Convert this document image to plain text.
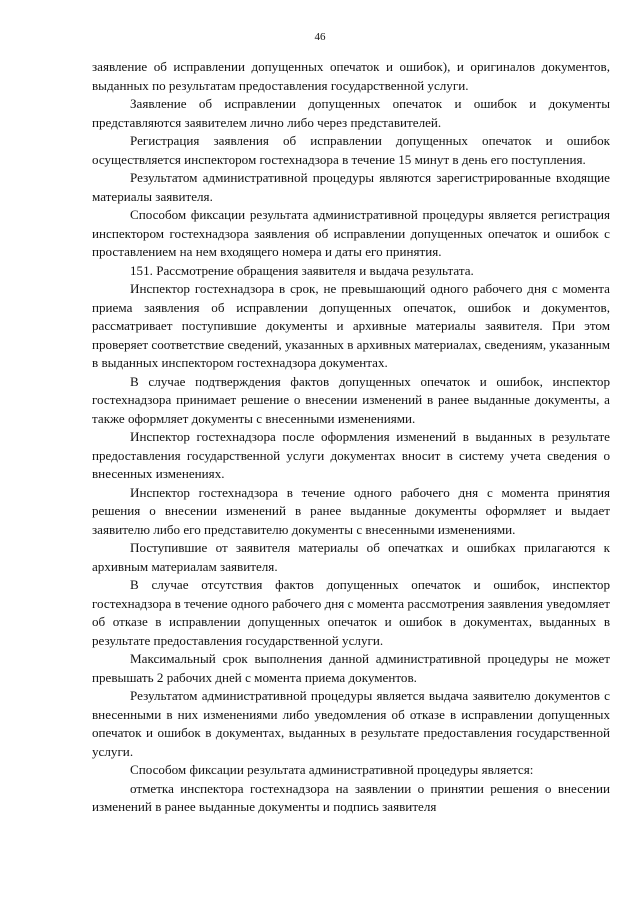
46

заявление об исправлении допущенных опечаток и ошибок), и оригиналов документов, выданных по результатам предоставления государственной услуги.

Заявление об исправлении допущенных опечаток и ошибок и документы представляются заявителем лично либо через представителей.

Регистрация заявления об исправлении допущенных опечаток и ошибок осуществляется инспектором гостехнадзора в течение 15 минут в день его поступления.

Результатом административной процедуры являются зарегистрированные входящие материалы заявителя.

Способом фиксации результата административной процедуры является регистрация инспектором гостехнадзора заявления об исправлении допущенных опечаток и ошибок с проставлением на нем входящего номера и даты его принятия.

151. Рассмотрение обращения заявителя и выдача результата.

Инспектор гостехнадзора в срок, не превышающий одного рабочего дня с момента приема заявления об исправлении допущенных опечаток, ошибок и документов, рассматривает поступившие документы и архивные материалы заявителя. При этом проверяет соответствие сведений, указанных в архивных материалах, сведениям, указанным в выданных инспектором гостехнадзора документах.

В случае подтверждения фактов допущенных опечаток и ошибок, инспектор гостехнадзора принимает решение о внесении изменений в ранее выданные документы, а также оформляет документы с внесенными изменениями.

Инспектор гостехнадзора после оформления изменений в выданных в результате предоставления государственной услуги документах вносит в систему учета сведения о внесенных изменениях.

Инспектор гостехнадзора в течение одного рабочего дня с момента принятия решения о внесении изменений в ранее выданные документы оформляет и выдает заявителю либо его представителю документы с внесенными изменениями.

Поступившие от заявителя материалы об опечатках и ошибках прилагаются к архивным материалам заявителя.

В случае отсутствия фактов допущенных опечаток и ошибок, инспектор гостехнадзора в течение одного рабочего дня с момента рассмотрения заявления уведомляет об отказе в исправлении допущенных опечаток и ошибок в документах, выданных в результате предоставления государственной услуги.

Максимальный срок выполнения данной административной процедуры не может превышать 2 рабочих дней с момента приема документов.

Результатом административной процедуры является выдача заявителю документов с внесенными в них изменениями либо уведомления об отказе в исправлении допущенных опечаток и ошибок в документах, выданных в результате предоставления государственной услуги.

Способом фиксации результата административной процедуры является:

отметка инспектора гостехнадзора на заявлении о принятии решения о внесении изменений в ранее выданные документы и подпись заявителя
